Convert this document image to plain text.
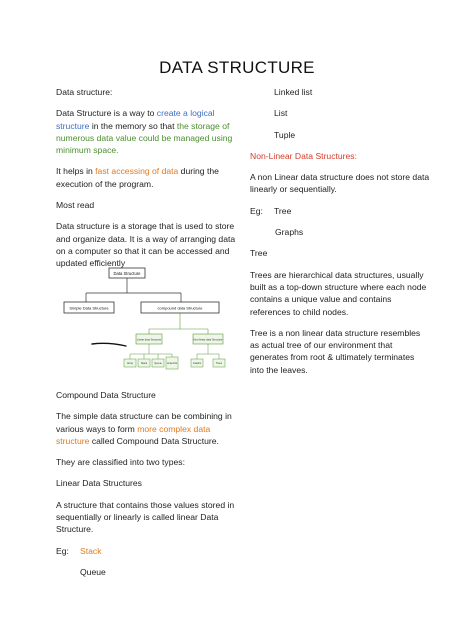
DATA STRUCTURE

Data structure:

Data Structure is a way to create a logical structure in the memory so that the storage of numerous data value could be managed using minimum space.

It helps in fast accessing of data during the execution of the program.

Most read

Data structure is a storage that is used to store and organize data. It is a way of arranging data on a computer so that it can be accessed and updated efficiently

Data Structure
Simple Data Structure	compound data Structure
Linear data Structure	Non-linear data Structure
Array	Stack	Queue Linked list	Graphs	Trees

Compound Data Structure

The simple data structure can be combining in various ways to form more complex data structure called Compound Data Structure.

They are classified into two types:

Linear Data Structures

A structure that contains those values stored in sequentially or linearly is called linear Data Structure.

Eg:	Stack

Queue

Linked list

List

Tuple

Non-Linear Data Structures:

A non Linear data structure does not store data linearly or sequentially.

Eg:	Tree

Graphs

Tree

Trees are hierarchical data structures, usually built as a top-down structure where each node contains a unique value and contains references to child nodes.

Tree is a non linear data structure resembles as actual tree of our environment that generates from root & ultimately terminates into the leaves.
